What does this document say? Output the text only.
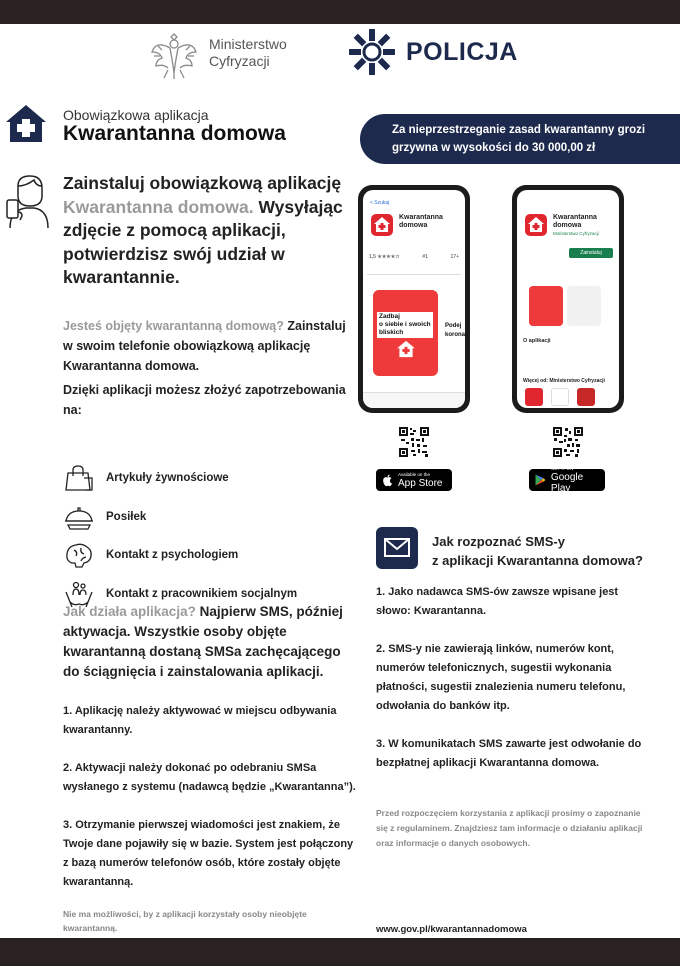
Ministerstwo
Cyfryzacji	POLICJA
Obowiązkowa aplikacja
Kwarantanna domowa	Za nieprzestrzeganie zasad kwarantanny grozi
grzywna w wysokości do 30 000,00 zł
Zainstaluj obowiązkową aplikację Kwarantanna domowa. Wysyłając zdjęcie z pomocą aplikacji, potwierdzisz swój udział w kwarantannie.
Jesteś objęty kwarantanną domową? Zainstaluj w swoim telefonie obowiązkową aplikację Kwarantanna domowa.
Dzięki aplikacji możesz złożyć zapotrzebowania na:
Artykuły żywnościowe
Posiłek
Kontakt z psychologiem
Kontakt z pracownikiem socjalnym
Jak działa aplikacja? Najpierw SMS, później aktywacja. Wszystkie osoby objęte kwarantanną dostaną SMSa zachęcającego do ściągnięcia i zainstalowania aplikacji.

1. Aplikację należy aktywować w miejscu odbywania kwarantanny.

2. Aktywacji należy dokonać po odebraniu SMSa wysłanego z systemu (nadawcą będzie „Kwarantanna”).

3. Otrzymanie pierwszej wiadomości jest znakiem, że Twoje dane pojawiły się w bazie. System jest połączony z bazą numerów telefonów osób, które zostały objęte kwarantanną.

Nie ma możliwości, by z aplikacji korzystały osoby nieobjęte kwarantanną.
< Szukaj
Kwarantanna domowa
1,5 ★★★★☆	#1	17+
Zadbaj
o siebie i swoich
bliskich
Podej
korona
Kwarantanna domowa
Ministerstwo Cyfryzacji
Zainstaluj
O aplikacji
Więcej od: Ministerstwo Cyfryzacji
Available on the
App Store
GET IT ON
Google Play
Jak rozpoznać SMS-y
z aplikacji Kwarantanna domowa?

1. Jako nadawca SMS-ów zawsze wpisane jest słowo: Kwarantanna.

2. SMS-y nie zawierają linków, numerów kont, numerów telefonicznych, sugestii wykonania płatności, sugestii znalezienia numeru telefonu, odwołania do banków itp.

3. W komunikatach SMS zawarte jest odwołanie do bezpłatnej aplikacji Kwarantanna domowa.

Przed rozpoczęciem korzystania z aplikacji prosimy o zapoznanie się z regulaminem. Znajdziesz tam informacje o działaniu aplikacji oraz informacje o danych osobowych.
www.gov.pl/kwarantannadomowa
